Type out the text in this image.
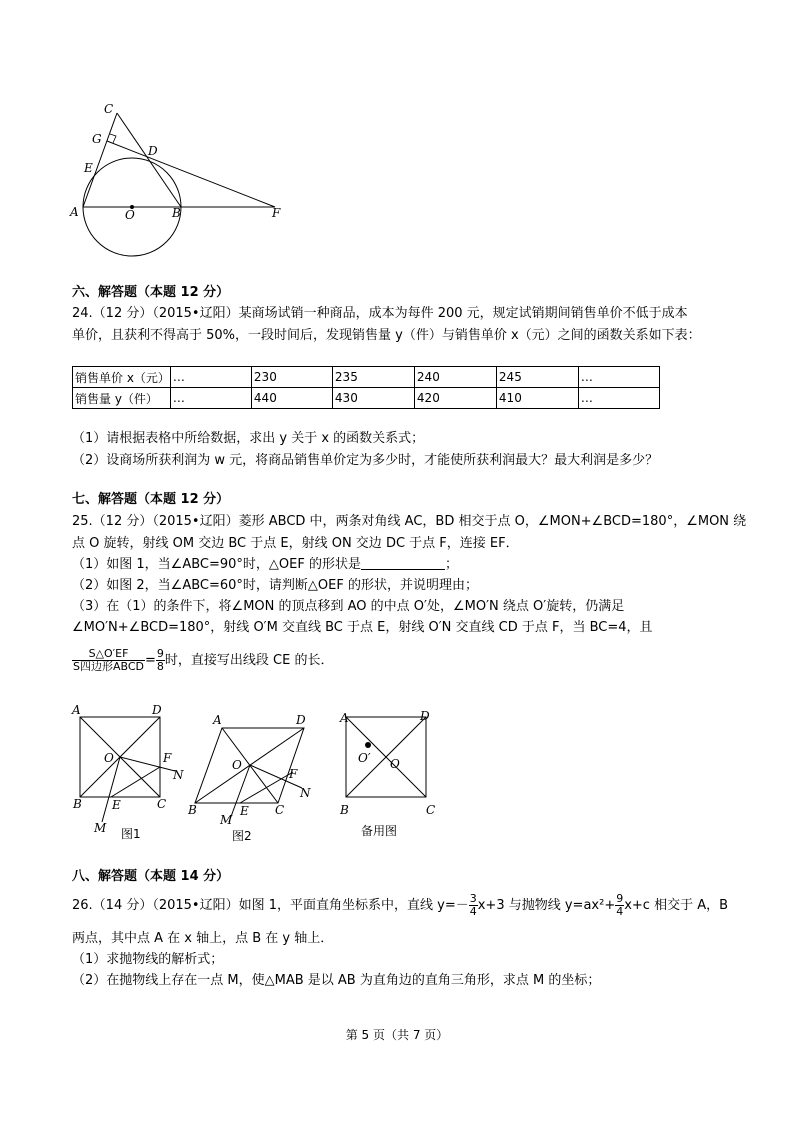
C
G
D
E
A	O	B	F
六、解答题（本题 12 分）
24.（12 分）（2015•辽阳）某商场试销一种商品，成本为每件 200 元，规定试销期间销售单价不低于成本
单价，且获利不得高于 50%，一段时间后，发现销售量 y（件）与销售单价 x（元）之间的函数关系如下表：
销售单价 x（元）	…	230	235	240	245	…
销售量 y（件）	…	440	430	420	410	…
（1）请根据表格中所给数据，求出 y 关于 x 的函数关系式；
（2）设商场所获利润为 w 元，将商品销售单价定为多少时，才能使所获利润最大？最大利润是多少？
七、解答题（本题 12 分）
25.（12 分）（2015•辽阳）菱形 ABCD 中，两条对角线 AC，BD 相交于点 O，∠MON+∠BCD=180°，∠MON 绕
点 O 旋转，射线 OM 交边 BC 于点 E，射线 ON 交边 DC 于点 F，连接 EF．
（1）如图 1，当∠ABC=90°时，△OEF 的形状是	；
（2）如图 2，当∠ABC=60°时，请判断△OEF 的形状，并说明理由；
（3）在（1）的条件下，将∠MON 的顶点移到 AO 的中点 O′处，∠MO′N 绕点 O′旋转，仍满足
∠MO′N+∠BCD=180°，射线 O′M 交直线 BC 于点 E，射线 O′N 交直线 CD 于点 F，当 BC=4，且
$\frac{S\triangle O'EF}{\text{S四边形ABCD}} = \frac{9}{8}$ 时，直接写出线段 CE 的长．
A	D
O	F
N
B	E	C
M 图1
A	D
O
F
N
B	E C
M
图2
A	D
O′ O
B	C
备用图
八、解答题（本题 14 分）
26.（14 分）（2015•辽阳）如图 1，平面直角坐标系中，直线 $y=- \frac{3}{4} x+3$ 与抛物线 $y=ax^2+ \frac{9}{4} x+c$ 相交于 A，B
两点，其中点 A 在 x 轴上，点 B 在 y 轴上．
（1）求抛物线的解析式；
（2）在抛物线上存在一点 M，使△MAB 是以 AB 为直角边的直角三角形，求点 M 的坐标；
第 5 页（共 7 页）
